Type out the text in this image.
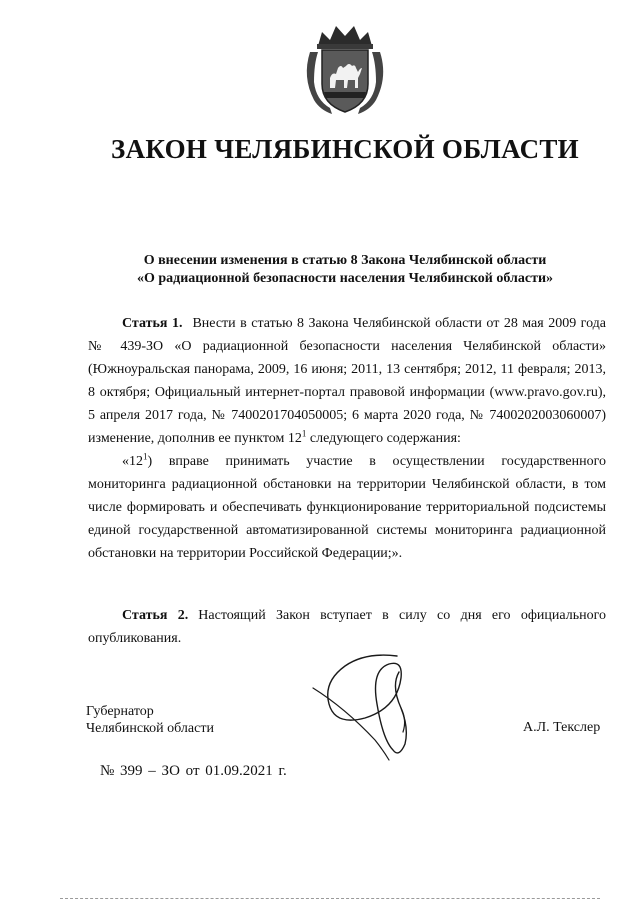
ЗАКОН ЧЕЛЯБИНСКОЙ ОБЛАСТИ
О внесении изменения в статью 8 Закона Челябинской области
«О радиационной безопасности населения Челябинской области»

Статья 1. Внести в статью 8 Закона Челябинской области от 28 мая 2009 года № 439-ЗО «О радиационной безопасности населения Челябинской области» (Южноуральская панорама, 2009, 16 июня; 2011, 13 сентября; 2012, 11 февраля; 2013, 8 октября; Официальный интернет-портал правовой информации (www.pravo.gov.ru), 5 апреля 2017 года, № 7400201704050005; 6 марта 2020 года, № 7400202003060007) изменение, дополнив ее пунктом $12^1$ следующего содержания:

«$12^1$) вправе принимать участие в осуществлении государственного мониторинга радиационной обстановки на территории Челябинской области, в том числе формировать и обеспечивать функционирование территориальной подсистемы единой государственной автоматизированной системы мониторинга радиационной обстановки на территории Российской Федерации;».

Статья 2. Настоящий Закон вступает в силу со дня его официального опубликования.

Губернатор
Челябинской области	А.Л. Текслер
№ 399 – ЗО от 01.09.2021 г.
